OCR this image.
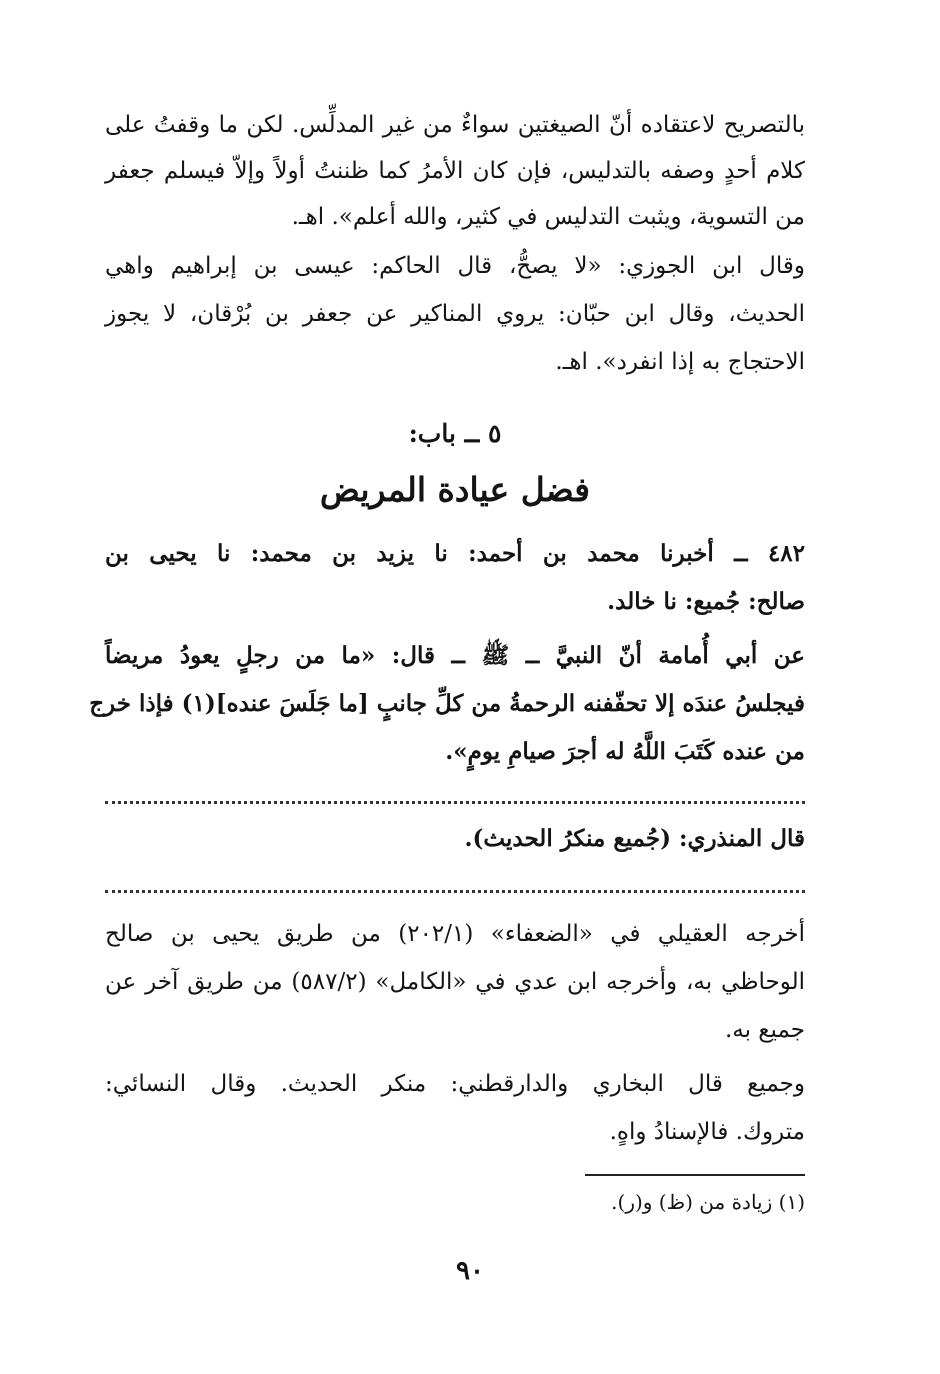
بالتصريح لاعتقاده أنّ الصيغتين سواءٌ من غير المدلِّس. لكن ما وقفتُ على
كلام أحدٍ وصفه بالتدليس، فإن كان الأمرُ كما ظننتُ أولاً وإلاّ فيسلم جعفر
من التسوية، ويثبت التدليس في كثير، والله أعلم». اهـ.
وقال ابن الجوزي: «لا يصحُّ، قال الحاكم: عيسى بن إبراهيم واهي
الحديث، وقال ابن حبّان: يروي المناكير عن جعفر بن بُرْقان، لا يجوز
الاحتجاج به إذا انفرد». اهـ.
٥ ــ باب:
فضل عيادة المريض
٤٨٢ ــ أخبرنا محمد بن أحمد: نا يزيد بن محمد: نا يحيى بن
صالح: جُميع: نا خالد.
عن أبي أُمامة أنّ النبيَّ ــ ﷺ ــ قال: «ما من رجلٍ يعودُ مريضاً
فيجلسُ عندَه إلا تحفّفنه الرحمةُ من كلِّ جانبٍ [ما جَلَسَ عنده](١) فإذا خرج
من عنده كَتَبَ اللَّهُ له أجرَ صيامِ يومٍ».
قال المنذري: (جُميع منكرُ الحديث).
أخرجه العقيلي في «الضعفاء» (٢٠٢/١) من طريق يحيى بن صالح
الوحاظي به، وأخرجه ابن عدي في «الكامل» (٥٨٧/٢) من طريق آخر عن
جميع به.
وجميع قال البخاري والدارقطني: منكر الحديث. وقال النسائي:
متروك. فالإسنادُ واهٍ.
(١) زيادة من (ظ) و(ر).
٩٠
